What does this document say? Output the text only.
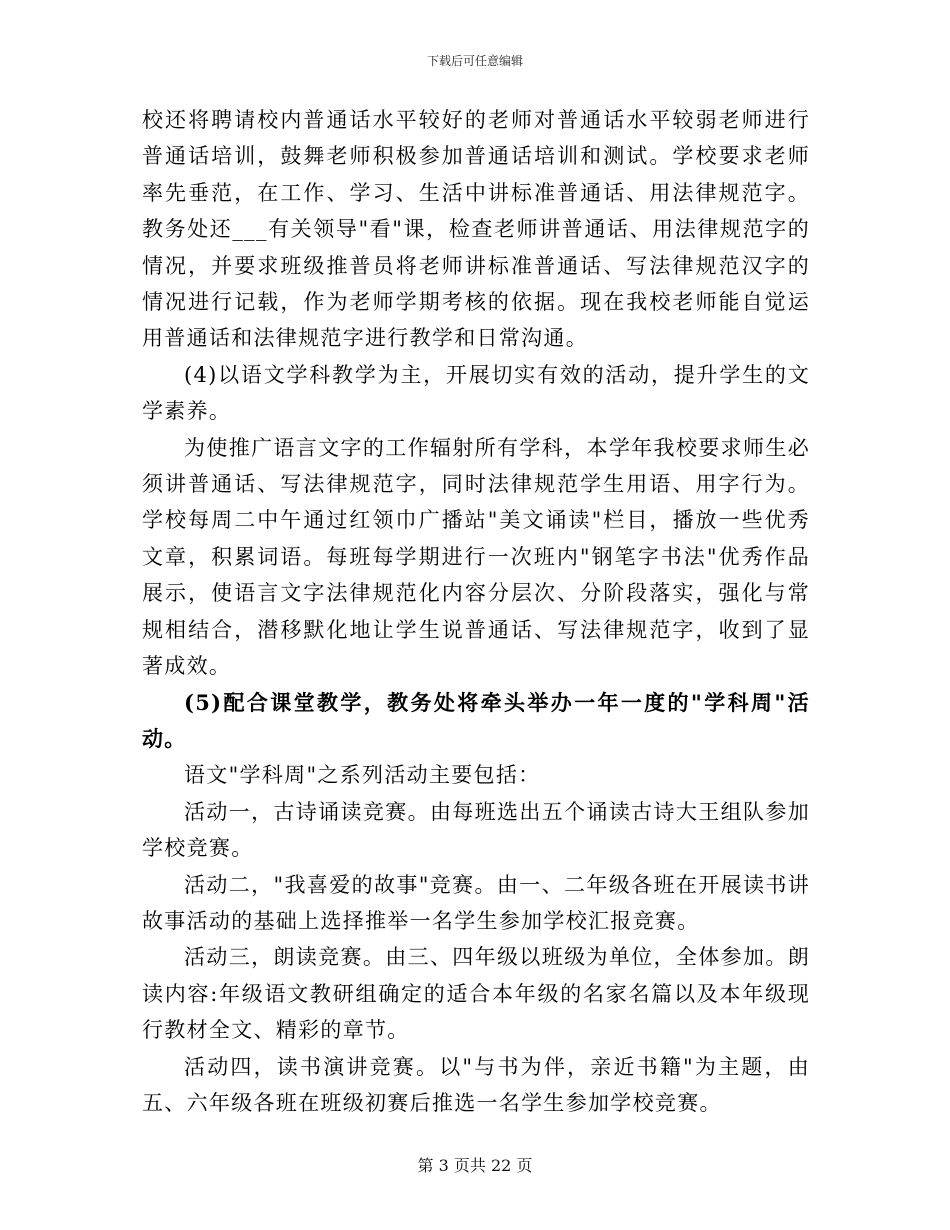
下载后可任意编辑

校还将聘请校内普通话水平较好的老师对普通话水平较弱老师进行普通话培训，鼓舞老师积极参加普通话培训和测试。学校要求老师率先垂范，在工作、学习、生活中讲标准普通话、用法律规范字。教务处还___有关领导"看"课，检查老师讲普通话、用法律规范字的情况，并要求班级推普员将老师讲标准普通话、写法律规范汉字的情况进行记载，作为老师学期考核的依据。现在我校老师能自觉运用普通话和法律规范字进行教学和日常沟通。

(4)以语文学科教学为主，开展切实有效的活动，提升学生的文学素养。

为使推广语言文字的工作辐射所有学科，本学年我校要求师生必须讲普通话、写法律规范字，同时法律规范学生用语、用字行为。学校每周二中午通过红领巾广播站"美文诵读"栏目，播放一些优秀文章，积累词语。每班每学期进行一次班内"钢笔字书法"优秀作品展示，使语言文字法律规范化内容分层次、分阶段落实，强化与常规相结合，潜移默化地让学生说普通话、写法律规范字，收到了显著成效。

(5)配合课堂教学，教务处将牵头举办一年一度的"学科周"活动。

语文"学科周"之系列活动主要包括：

活动一，古诗诵读竞赛。由每班选出五个诵读古诗大王组队参加学校竞赛。

活动二，"我喜爱的故事"竞赛。由一、二年级各班在开展读书讲故事活动的基础上选择推举一名学生参加学校汇报竞赛。

活动三，朗读竞赛。由三、四年级以班级为单位，全体参加。朗读内容:年级语文教研组确定的适合本年级的名家名篇以及本年级现行教材全文、精彩的章节。

活动四，读书演讲竞赛。以"与书为伴，亲近书籍"为主题，由五、六年级各班在班级初赛后推选一名学生参加学校竞赛。

第 3 页共 22 页
